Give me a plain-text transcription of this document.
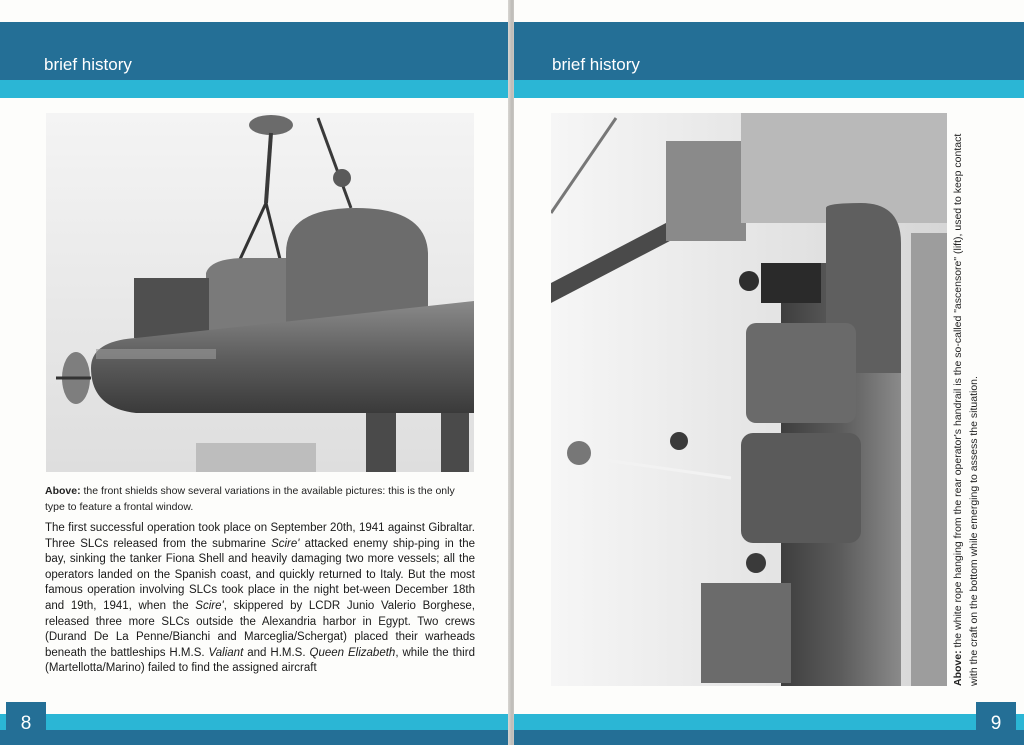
brief history
Above: the front shields show several variations in the available pictures: this is the only type to feature a frontal window.
The first successful operation took place on September 20th, 1941 against Gibraltar. Three SLCs released from the submarine Scire' attacked enemy ship-ping in the bay, sinking the tanker Fiona Shell and heavily damaging two more vessels; all the operators landed on the Spanish coast, and quickly returned to Italy. But the most famous operation involving SLCs took place in the night bet-ween December 18th and 19th, 1941, when the Scire', skippered by LCDR Junio Valerio Borghese, released three more SLCs outside the Alexandria harbor in Egypt. Two crews (Durand De La Penne/Bianchi and Marceglia/Schergat) placed their warheads beneath the battleships H.M.S. Valiant and H.M.S. Queen Elizabeth, while the third (Martellotta/Marino) failed to find the assigned aircraft
8
brief history
Above: the white rope hanging from the rear operator's handrail is the so-called "ascensore" (lift), used to keep contact with the craft on the bottom while emerging to assess the situation.
9
